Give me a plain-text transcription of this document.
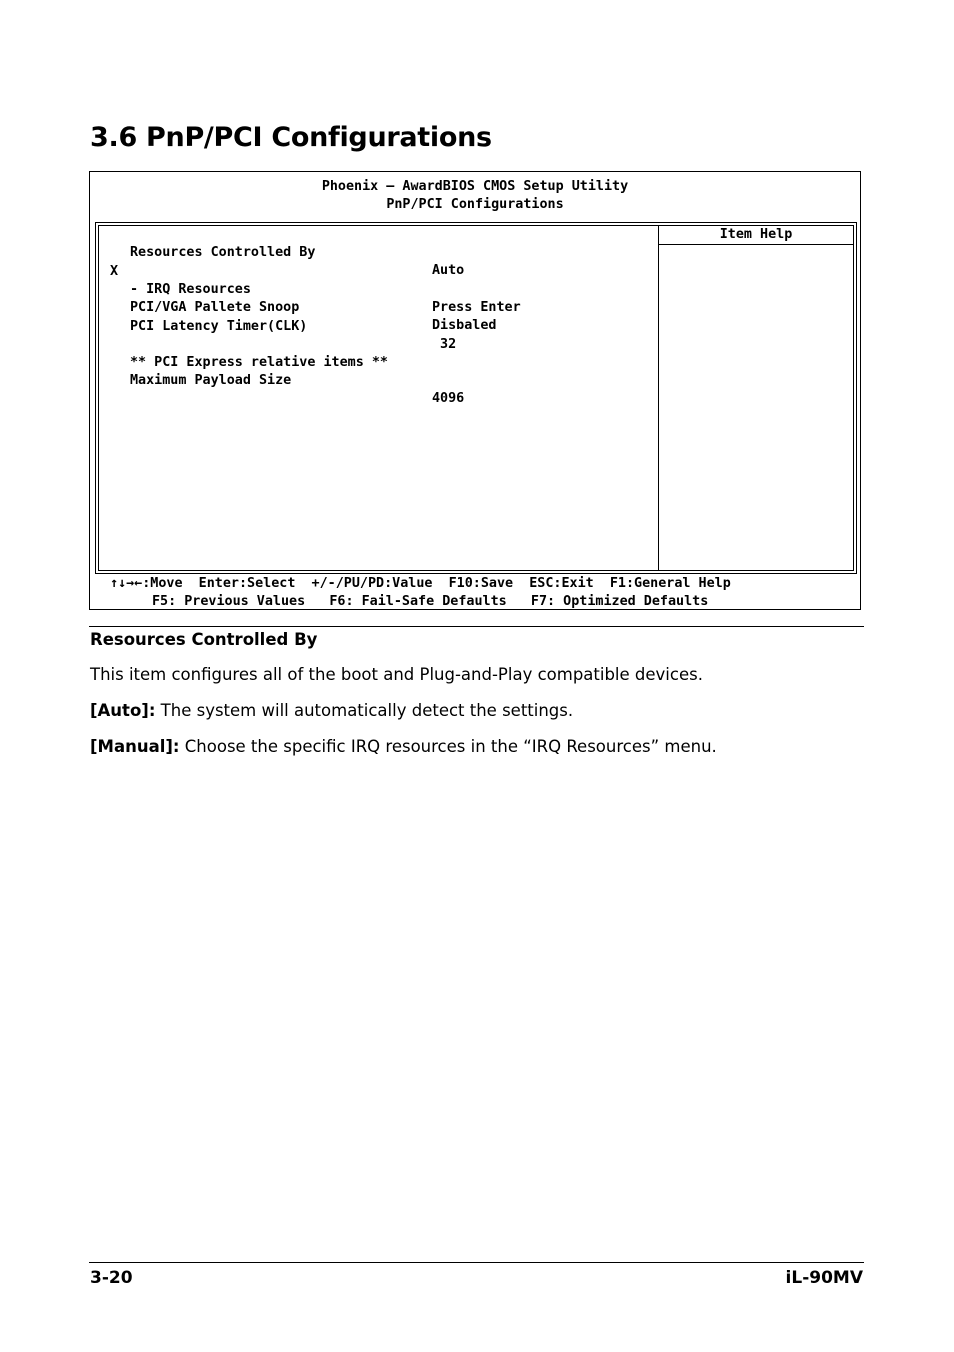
3.6 PnP/PCI Configurations
Phoenix – AwardBIOS CMOS Setup Utility
PnP/PCI Configurations

Resources Controlled By

Auto

X

- IRQ Resources

Press Enter

PCI/VGA Pallete Snoop

Disbaled

PCI Latency Timer(CLK)

32

** PCI Express relative items **

Maximum Payload Size

4096

Item Help
↑↓→←:Move  Enter:Select  +/-/PU/PD:Value  F10:Save  ESC:Exit  F1:General Help
F5: Previous Values   F6: Fail-Safe Defaults   F7: Optimized Defaults
Resources Controlled By

This item configures all of the boot and Plug-and-Play compatible devices.

[Auto]: The system will automatically detect the settings.

[Manual]: Choose the specific IRQ resources in the “IRQ Resources” menu.

3-20	iL-90MV
